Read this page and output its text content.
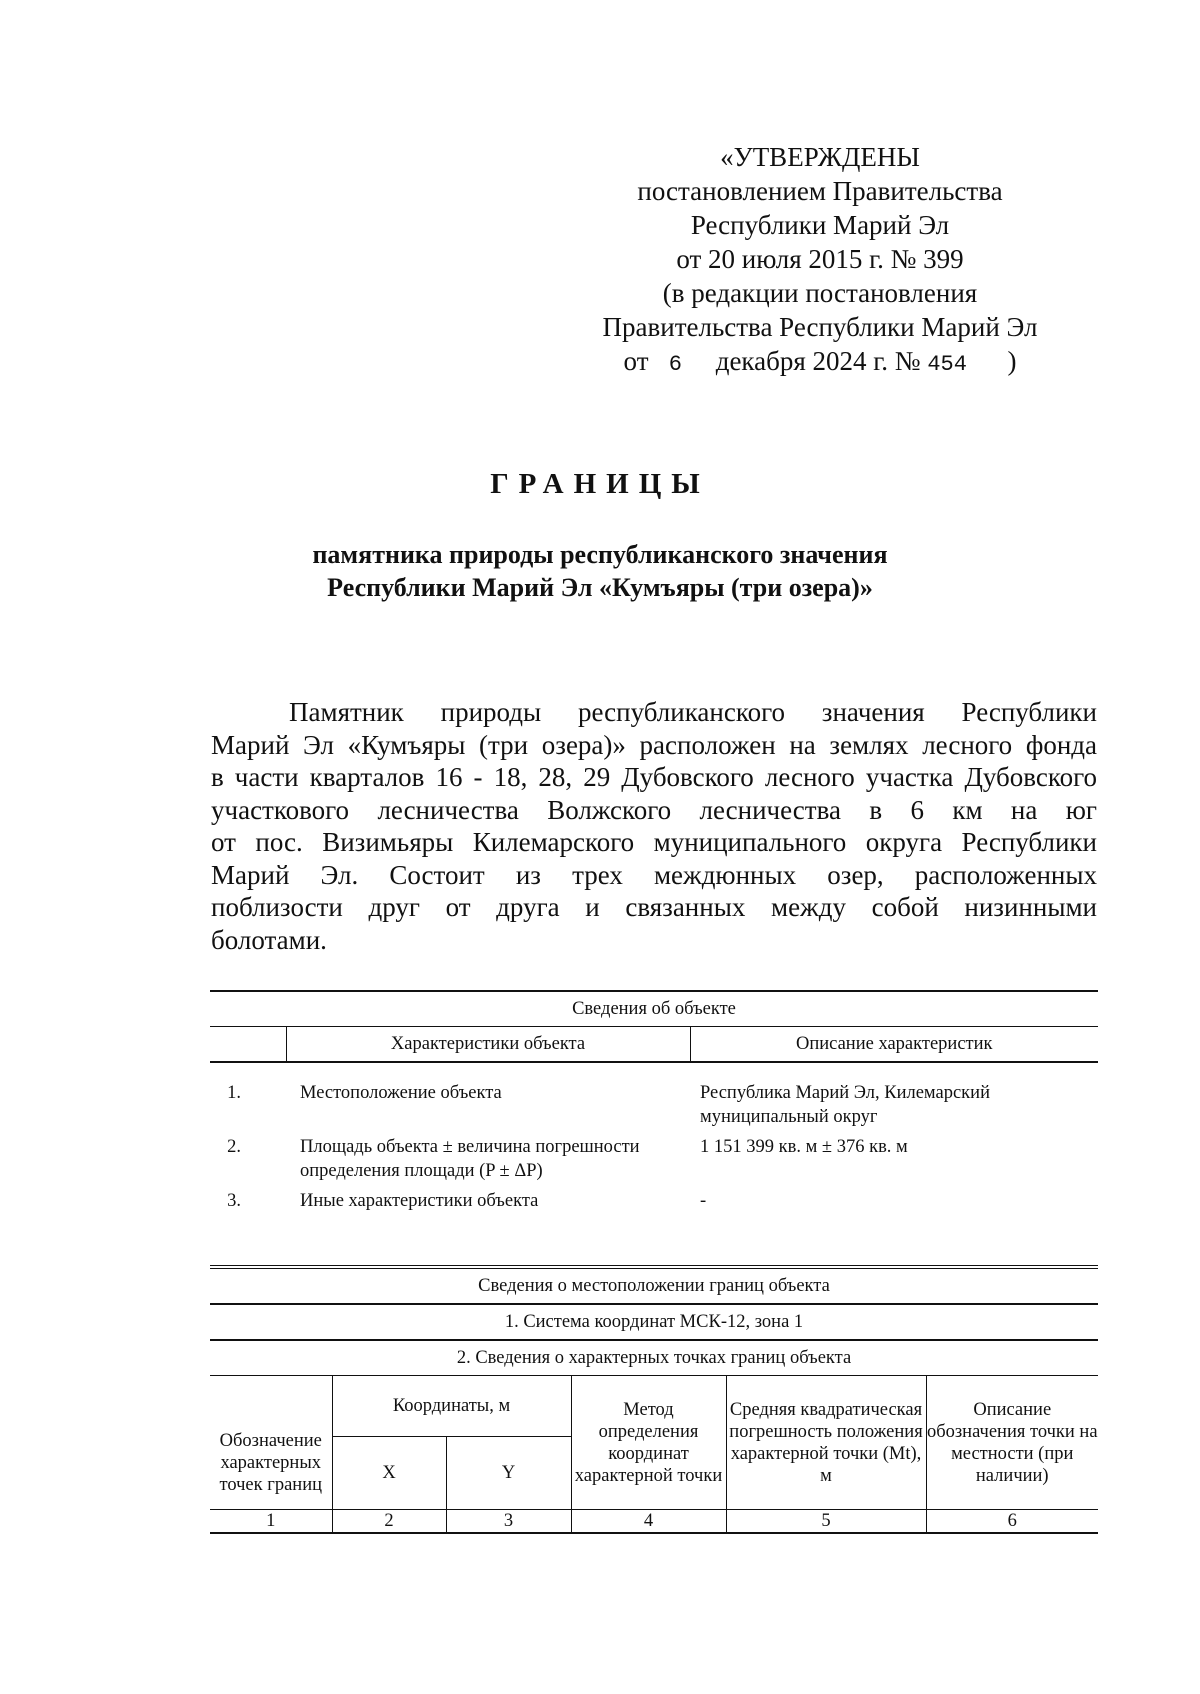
«УТВЕРЖДЕНЫ
постановлением Правительства
Республики Марий Эл
от 20 июля 2015 г. № 399
(в редакции постановления
Правительства Республики Марий Эл
от 6 декабря 2024 г. № 454 )
ГРАНИЦЫ
памятника природы республиканского значения
Республики Марий Эл «Кумъяры (три озера)»
Памятник природы республиканского значения Республики
Марий Эл «Кумъяры (три озера)» расположен на землях лесного фонда
в части кварталов 16 - 18, 28, 29 Дубовского лесного участка Дубовского
участкового лесничества Волжского лесничества в 6 км на юг
от пос. Визимьяры Килемарского муниципального округа Республики
Марий Эл. Состоит из трех междюнных озер, расположенных
поблизости друг от друга и связанных между собой низинными
болотами.
Сведения об объекте		
	Характеристики объекта	Описание характеристик

1.	Местоположение объекта	Республика Марий Эл, Килемарский муниципальный округ
2.	Площадь объекта ± величина погрешности определения площади (P ± ΔP)	1 151 399 кв. м ± 376 кв. м
3.	Иные характеристики объекта	-
Сведения о местоположении границ объекта					
1. Система координат МСК-12, зона 1					
2. Сведения о характерных точках границ объекта					
Обозначение характерных точек границ	Координаты, м		Метод определения координат характерной точки	Средняя квадратическая погрешность положения характерной точки (Mt), м	Описание обозначения точки на местности (при наличии)
	X	Y			
1	2	3	4	5	6
